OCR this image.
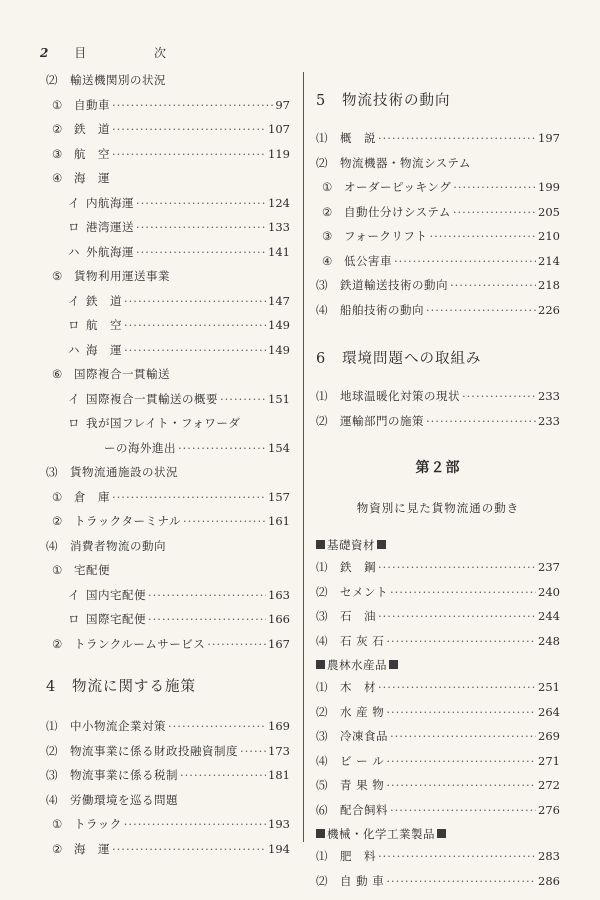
2 目	次
⑵	輸送機関別の状況
①	自動車 ·····	97
②	鉄　道 ·····	107
③	航　空 ·····	119
④	海　運
イ 内航海運 ·····	124
ロ 港湾運送 ·····	133
ハ 外航海運 ·····	141
⑤	貨物利用運送事業
イ 鉄　道 ·····	147
ロ 航　空 ·····	149
ハ 海　運 ·····	149
⑥	国際複合一貫輸送
イ 国際複合一貫輸送の概要 ·····	151
ロ 我が国フレイト・フォワーダ
ーの海外進出 ·····	154
⑶	貨物流通施設の状況
①	倉　庫 ·····	157
②	トラックターミナル ·····	161
⑷	消費者物流の動向
①	宅配便
イ 国内宅配便 ·····	163
ロ 国際宅配便 ·····	166
②	トランクルームサービス ·····	167
4 物流に関する施策
⑴	中小物流企業対策 ·····	169
⑵	物流事業に係る財政投融資制度 ·····	173
⑶	物流事業に係る税制 ·····	181
⑷	労働環境を巡る問題
①	トラック ·····	193
②	海　運 ·····	194
5 物流技術の動向
⑴	概　説 ·····	197
⑵	物流機器・物流システム
①	オーダーピッキング ·····	199
②	自動仕分けシステム ·····	205
③	フォークリフト ·····	210
④	低公害車 ·····	214
⑶	鉄道輸送技術の動向 ·····	218
⑷	船舶技術の動向 ·····	226
6 環境問題への取組み
⑴	地球温暖化対策の現状 ·····	233
⑵	運輸部門の施策 ·····	233
第２部
物資別に見た貨物流通の動き
基礎資材
⑴	鉄　鋼 ·····	237
⑵	セメント ·····	240
⑶	石　油 ·····	244
⑷	石 灰 石 ·····	248
農林水産品
⑴	木　材 ·····	251
⑵	水 産 物 ·····	264
⑶	冷凍食品 ·····	269
⑷	ビ ー ル ·····	271
⑸	青 果 物 ·····	272
⑹	配合飼料 ·····	276
機械・化学工業製品
⑴	肥　料 ·····	283
⑵	自 動 車 ·····	286
